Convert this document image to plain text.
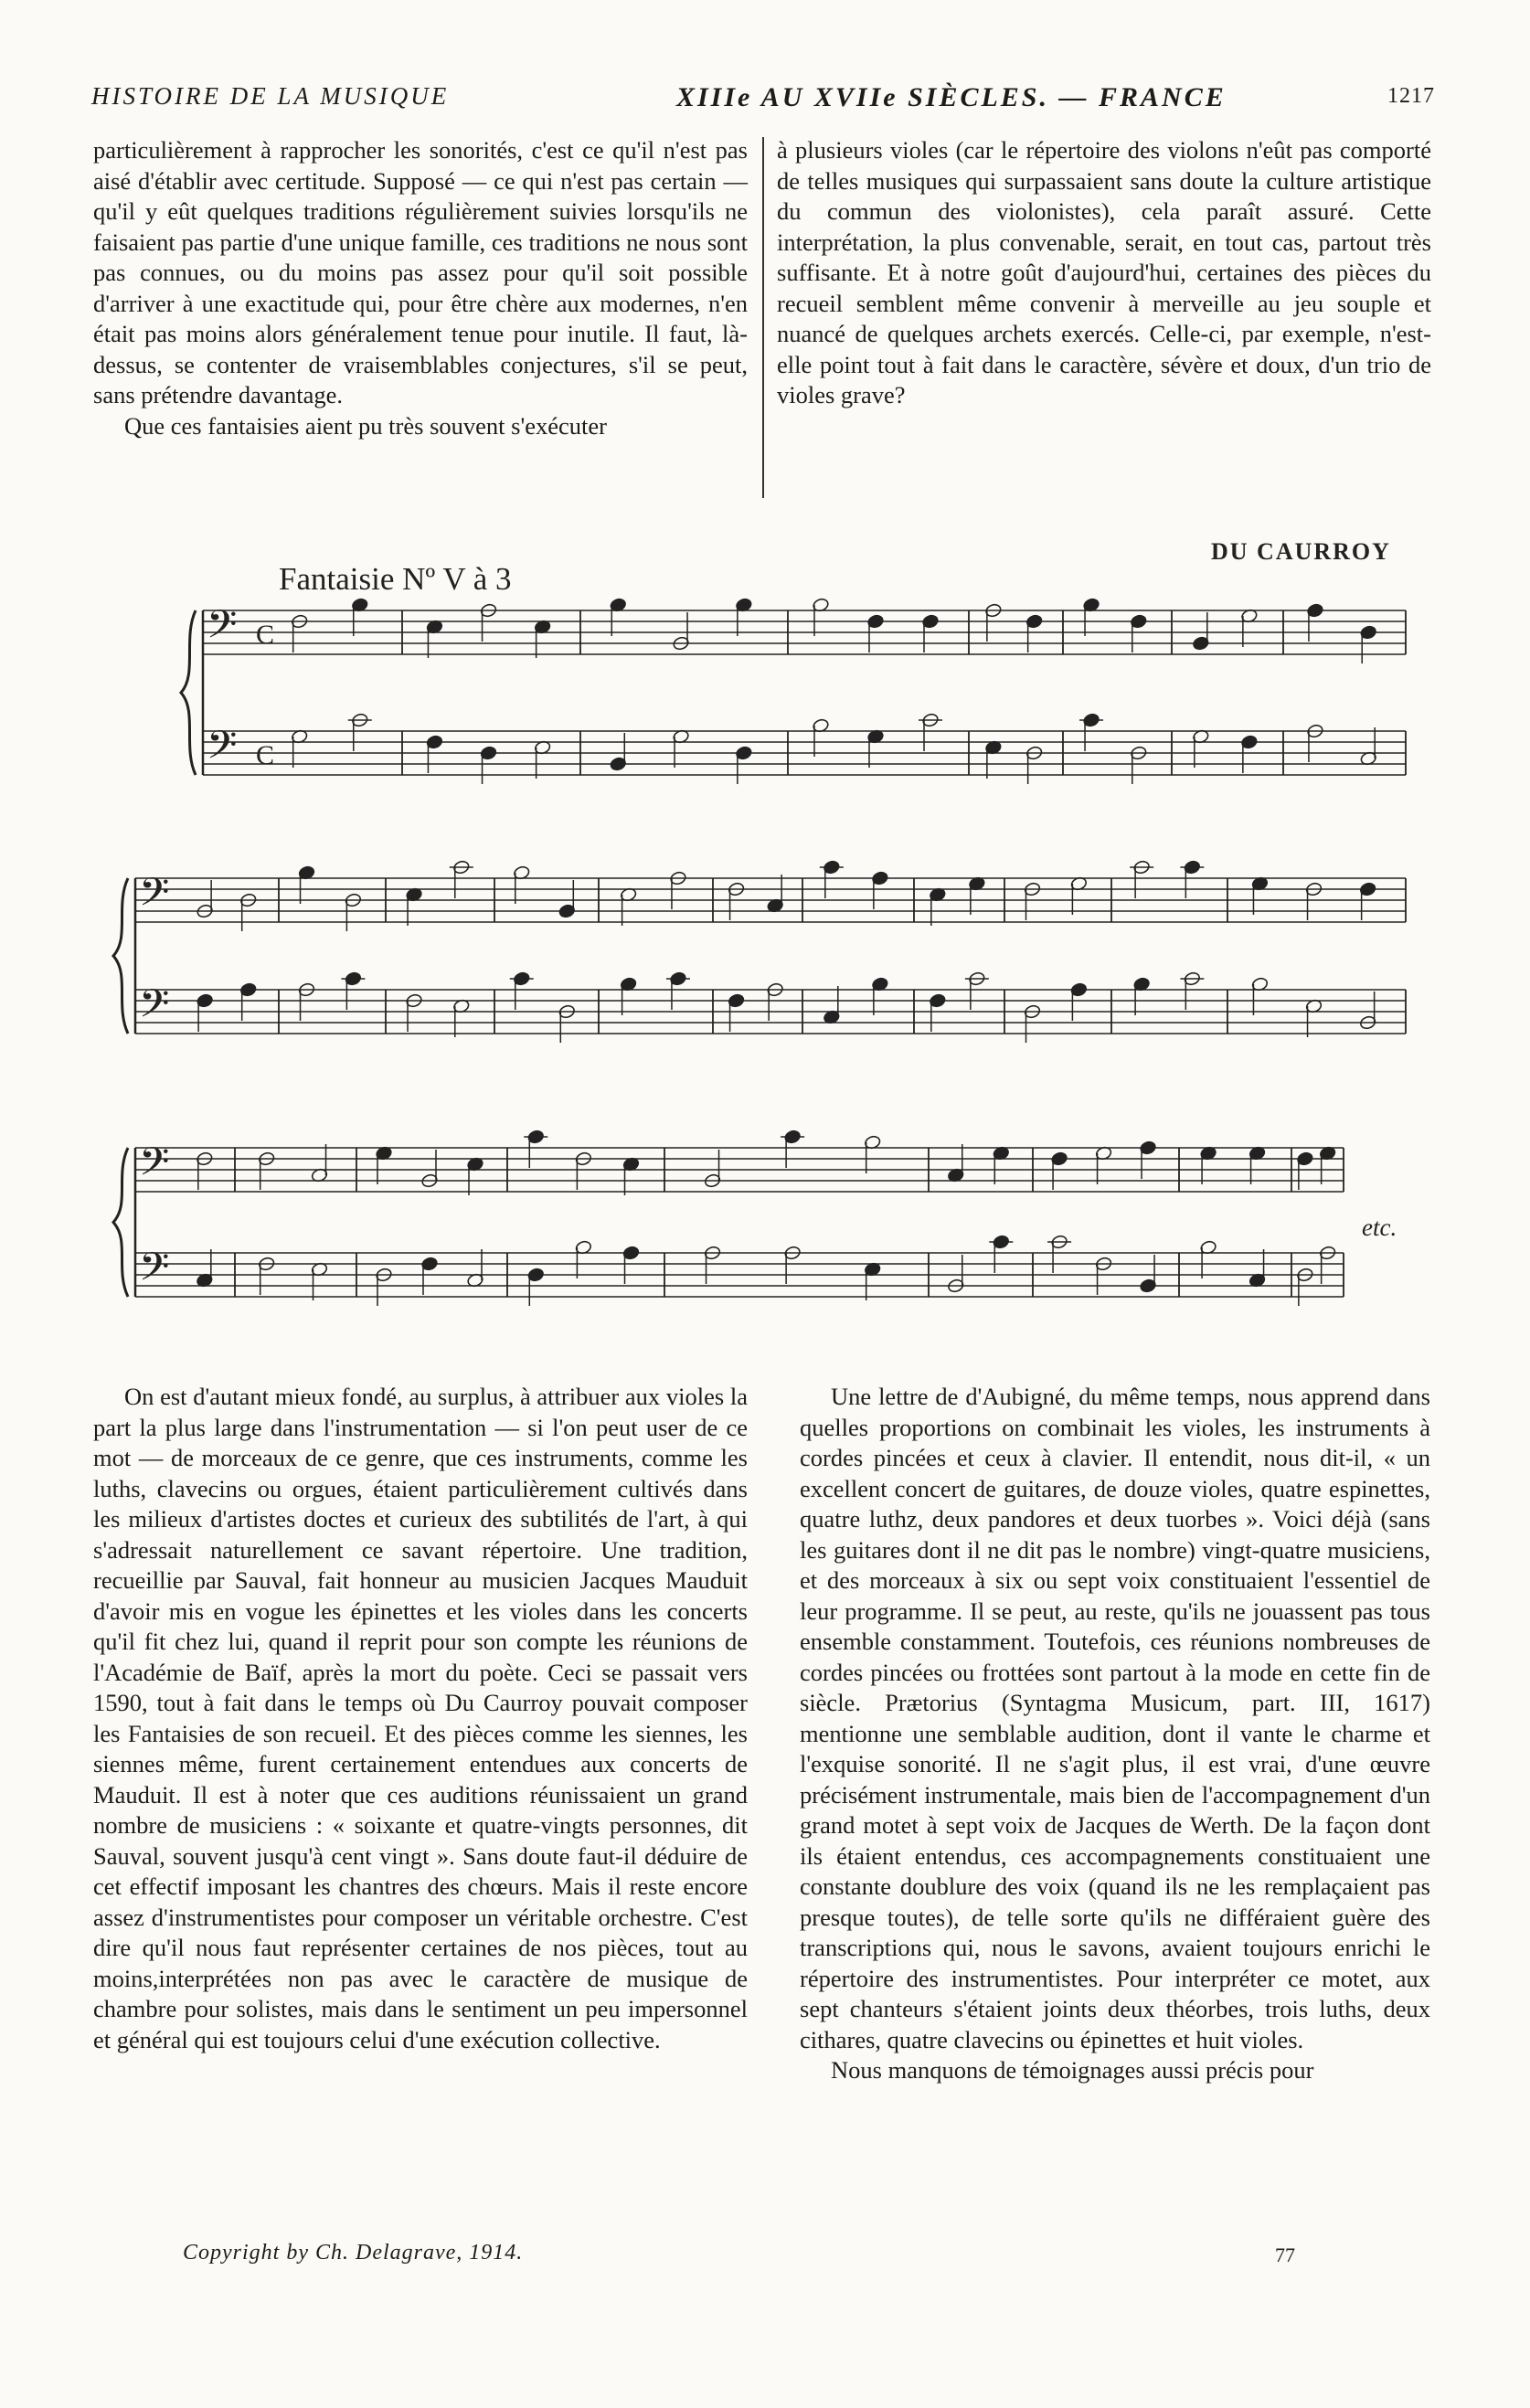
HISTOIRE DE LA MUSIQUE	XIIIe AU XVIIe SIÈCLES. — FRANCE	1217

particulièrement à rapprocher les sonorités, c'est ce qu'il n'est pas aisé d'établir avec certitude. Supposé — ce qui n'est pas certain — qu'il y eût quelques traditions régulièrement suivies lorsqu'ils ne faisaient pas partie d'une unique famille, ces traditions ne nous sont pas connues, ou du moins pas assez pour qu'il soit possible d'arriver à une exactitude qui, pour être chère aux modernes, n'en était pas moins alors généralement tenue pour inutile. Il faut, là-dessus, se contenter de vraisemblables conjectures, s'il se peut, sans prétendre davantage.

Que ces fantaisies aient pu très souvent s'exécuter

à plusieurs violes (car le répertoire des violons n'eût pas comporté de telles musiques qui surpassaient sans doute la culture artistique du commun des violonistes), cela paraît assuré. Cette interprétation, la plus convenable, serait, en tout cas, partout très suffisante. Et à notre goût d'aujourd'hui, certaines des pièces du recueil semblent même convenir à merveille au jeu souple et nuancé de quelques archets exercés. Celle-ci, par exemple, n'est-elle point tout à fait dans le caractère, sévère et doux, d'un trio de violes grave?

Fantaisie Nº V à 3
DU CAURROY
etc.
𝄢
𝄢
C
C
𝄢
𝄢
𝄢
𝄢

On est d'autant mieux fondé, au surplus, à attribuer aux violes la part la plus large dans l'instrumentation — si l'on peut user de ce mot — de morceaux de ce genre, que ces instruments, comme les luths, clavecins ou orgues, étaient particulièrement cultivés dans les milieux d'artistes doctes et curieux des subtilités de l'art, à qui s'adressait naturellement ce savant répertoire. Une tradition, recueillie par Sauval, fait honneur au musicien Jacques Mauduit d'avoir mis en vogue les épinettes et les violes dans les concerts qu'il fit chez lui, quand il reprit pour son compte les réunions de l'Académie de Baïf, après la mort du poète. Ceci se passait vers 1590, tout à fait dans le temps où Du Caurroy pouvait composer les Fantaisies de son recueil. Et des pièces comme les siennes, les siennes même, furent certainement entendues aux concerts de Mauduit. Il est à noter que ces auditions réunissaient un grand nombre de musiciens : « soixante et quatre-vingts personnes, dit Sauval, souvent jusqu'à cent vingt ». Sans doute faut-il déduire de cet effectif imposant les chantres des chœurs. Mais il reste encore assez d'instrumentistes pour composer un véritable orchestre. C'est dire qu'il nous faut représenter certaines de nos pièces, tout au moins,interprétées non pas avec le caractère de musique de chambre pour solistes, mais dans le sentiment un peu impersonnel et général qui est toujours celui d'une exécution collective.

Une lettre de d'Aubigné, du même temps, nous apprend dans quelles proportions on combinait les violes, les instruments à cordes pincées et ceux à clavier. Il entendit, nous dit-il, « un excellent concert de guitares, de douze violes, quatre espinettes, quatre luthz, deux pandores et deux tuorbes ». Voici déjà (sans les guitares dont il ne dit pas le nombre) vingt-quatre musiciens, et des morceaux à six ou sept voix constituaient l'essentiel de leur programme. Il se peut, au reste, qu'ils ne jouassent pas tous ensemble constamment. Toutefois, ces réunions nombreuses de cordes pincées ou frottées sont partout à la mode en cette fin de siècle. Prætorius (Syntagma Musicum, part. III, 1617) mentionne une semblable audition, dont il vante le charme et l'exquise sonorité. Il ne s'agit plus, il est vrai, d'une œuvre précisément instrumentale, mais bien de l'accompagnement d'un grand motet à sept voix de Jacques de Werth. De la façon dont ils étaient entendus, ces accompagnements constituaient une constante doublure des voix (quand ils ne les remplaçaient pas presque toutes), de telle sorte qu'ils ne différaient guère des transcriptions qui, nous le savons, avaient toujours enrichi le répertoire des instrumentistes. Pour interpréter ce motet, aux sept chanteurs s'étaient joints deux théorbes, trois luths, deux cithares, quatre clavecins ou épinettes et huit violes.

Nous manquons de témoignages aussi précis pour

Copyright by Ch. Delagrave, 1914.	77
